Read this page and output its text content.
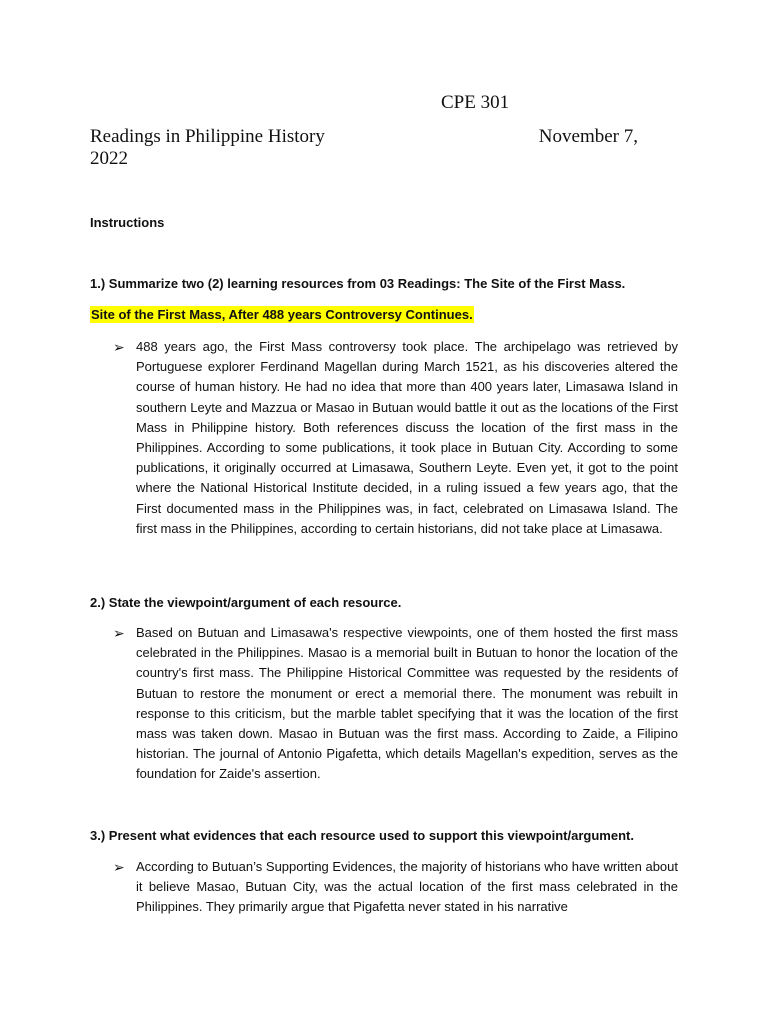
CPE 301
Readings in Philippine History	November 7,
2022
Instructions
1.) Summarize two (2) learning resources from 03 Readings: The Site of the First Mass.
Site of the First Mass, After 488 years Controversy Continues.
➢ 488 years ago, the First Mass controversy took place. The archipelago was retrieved by Portuguese explorer Ferdinand Magellan during March 1521, as his discoveries altered the course of human history. He had no idea that more than 400 years later, Limasawa Island in southern Leyte and Mazzua or Masao in Butuan would battle it out as the locations of the First Mass in Philippine history. Both references discuss the location of the first mass in the Philippines. According to some publications, it took place in Butuan City. According to some publications, it originally occurred at Limasawa, Southern Leyte. Even yet, it got to the point where the National Historical Institute decided, in a ruling issued a few years ago, that the First documented mass in the Philippines was, in fact, celebrated on Limasawa Island. The first mass in the Philippines, according to certain historians, did not take place at Limasawa.

2.) State the viewpoint/argument of each resource.
➢ Based on Butuan and Limasawa's respective viewpoints, one of them hosted the first mass celebrated in the Philippines. Masao is a memorial built in Butuan to honor the location of the country's first mass. The Philippine Historical Committee was requested by the residents of Butuan to restore the monument or erect a memorial there. The monument was rebuilt in response to this criticism, but the marble tablet specifying that it was the location of the first mass was taken down. Masao in Butuan was the first mass. According to Zaide, a Filipino historian. The journal of Antonio Pigafetta, which details Magellan's expedition, serves as the foundation for Zaide's assertion.

3.) Present what evidences that each resource used to support this viewpoint/argument.
➢ According to Butuan’s Supporting Evidences, the majority of historians who have written about it believe Masao, Butuan City, was the actual location of the first mass celebrated in the Philippines. They primarily argue that Pigafetta never stated in his narrative
